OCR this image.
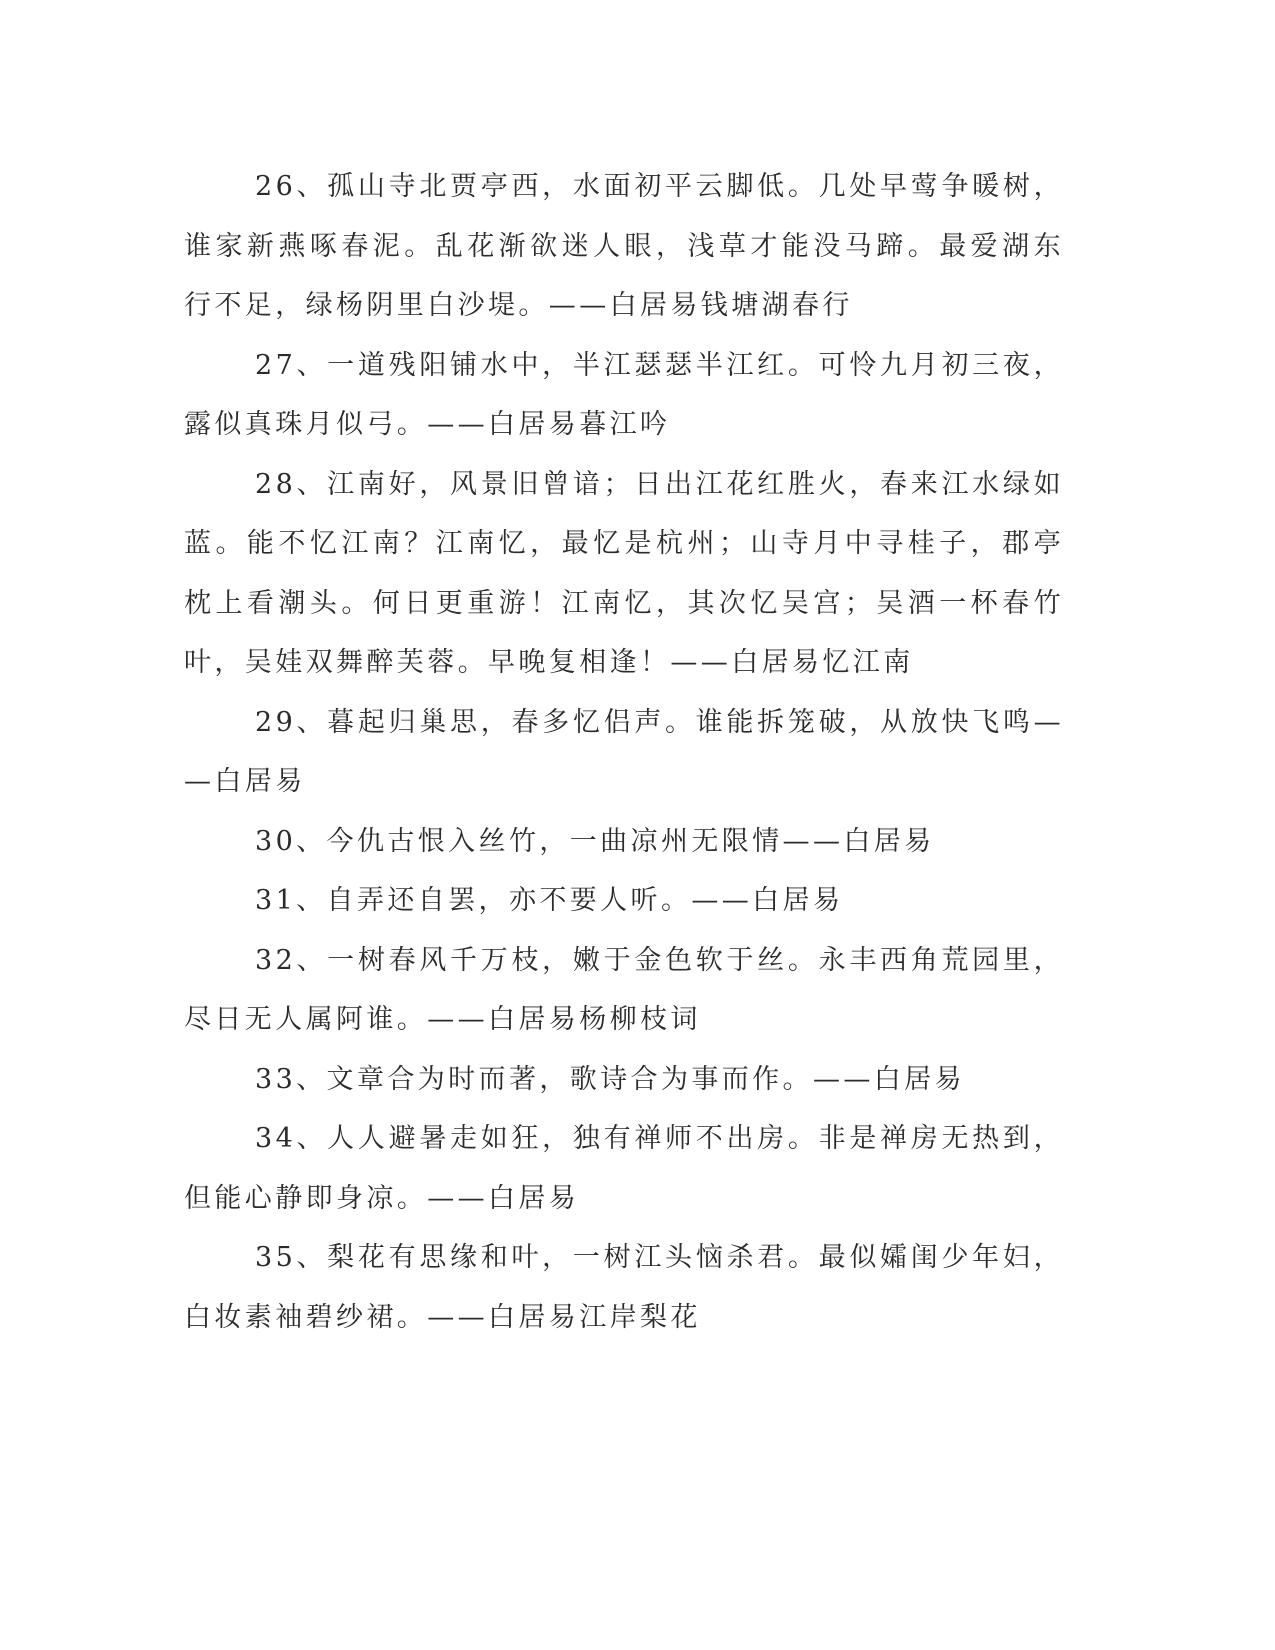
26、孤山寺北贾亭西，水面初平云脚低。几处早莺争暖树，谁家新燕啄春泥。乱花渐欲迷人眼，浅草才能没马蹄。最爱湖东行不足，绿杨阴里白沙堤。——白居易钱塘湖春行

27、一道残阳铺水中，半江瑟瑟半江红。可怜九月初三夜，露似真珠月似弓。——白居易暮江吟

28、江南好，风景旧曾谙；日出江花红胜火，春来江水绿如蓝。能不忆江南？江南忆，最忆是杭州；山寺月中寻桂子，郡亭枕上看潮头。何日更重游！江南忆，其次忆吴宫；吴酒一杯春竹叶，吴娃双舞醉芙蓉。早晚复相逢！——白居易忆江南

29、暮起归巢思，春多忆侣声。谁能拆笼破，从放快飞鸣——白居易

30、今仇古恨入丝竹，一曲凉州无限情——白居易

31、自弄还自罢，亦不要人听。——白居易

32、一树春风千万枝，嫩于金色软于丝。永丰西角荒园里，尽日无人属阿谁。——白居易杨柳枝词

33、文章合为时而著，歌诗合为事而作。——白居易

34、人人避暑走如狂，独有禅师不出房。非是禅房无热到，但能心静即身凉。——白居易

35、梨花有思缘和叶，一树江头恼杀君。最似孀闺少年妇，白妆素袖碧纱裙。——白居易江岸梨花
